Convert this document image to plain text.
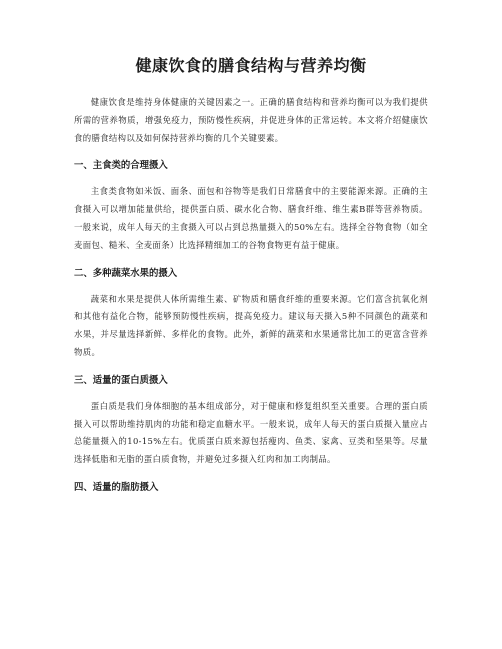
健康饮食的膳食结构与营养均衡

健康饮食是维持身体健康的关键因素之一。正确的膳食结构和营养均衡可以为我们提供所需的营养物质，增强免疫力，预防慢性疾病，并促进身体的正常运转。本文将介绍健康饮食的膳食结构以及如何保持营养均衡的几个关键要素。

一、主食类的合理摄入

主食类食物如米饭、面条、面包和谷物等是我们日常膳食中的主要能源来源。正确的主食摄入可以增加能量供给，提供蛋白质、碳水化合物、膳食纤维、维生素B群等营养物质。一般来说，成年人每天的主食摄入可以占到总热量摄入的50%左右。选择全谷物食物（如全麦面包、糙米、全麦面条）比选择精细加工的谷物食物更有益于健康。

二、多种蔬菜水果的摄入

蔬菜和水果是提供人体所需维生素、矿物质和膳食纤维的重要来源。它们富含抗氧化剂和其他有益化合物，能够预防慢性疾病，提高免疫力。建议每天摄入5种不同颜色的蔬菜和水果，并尽量选择新鲜、多样化的食物。此外，新鲜的蔬菜和水果通常比加工的更富含营养物质。

三、适量的蛋白质摄入

蛋白质是我们身体细胞的基本组成部分，对于健康和修复组织至关重要。合理的蛋白质摄入可以帮助维持肌肉的功能和稳定血糖水平。一般来说，成年人每天的蛋白质摄入量应占总能量摄入的10-15%左右。优质蛋白质来源包括瘦肉、鱼类、家禽、豆类和坚果等。尽量选择低脂和无脂的蛋白质食物，并避免过多摄入红肉和加工肉制品。

四、适量的脂肪摄入
